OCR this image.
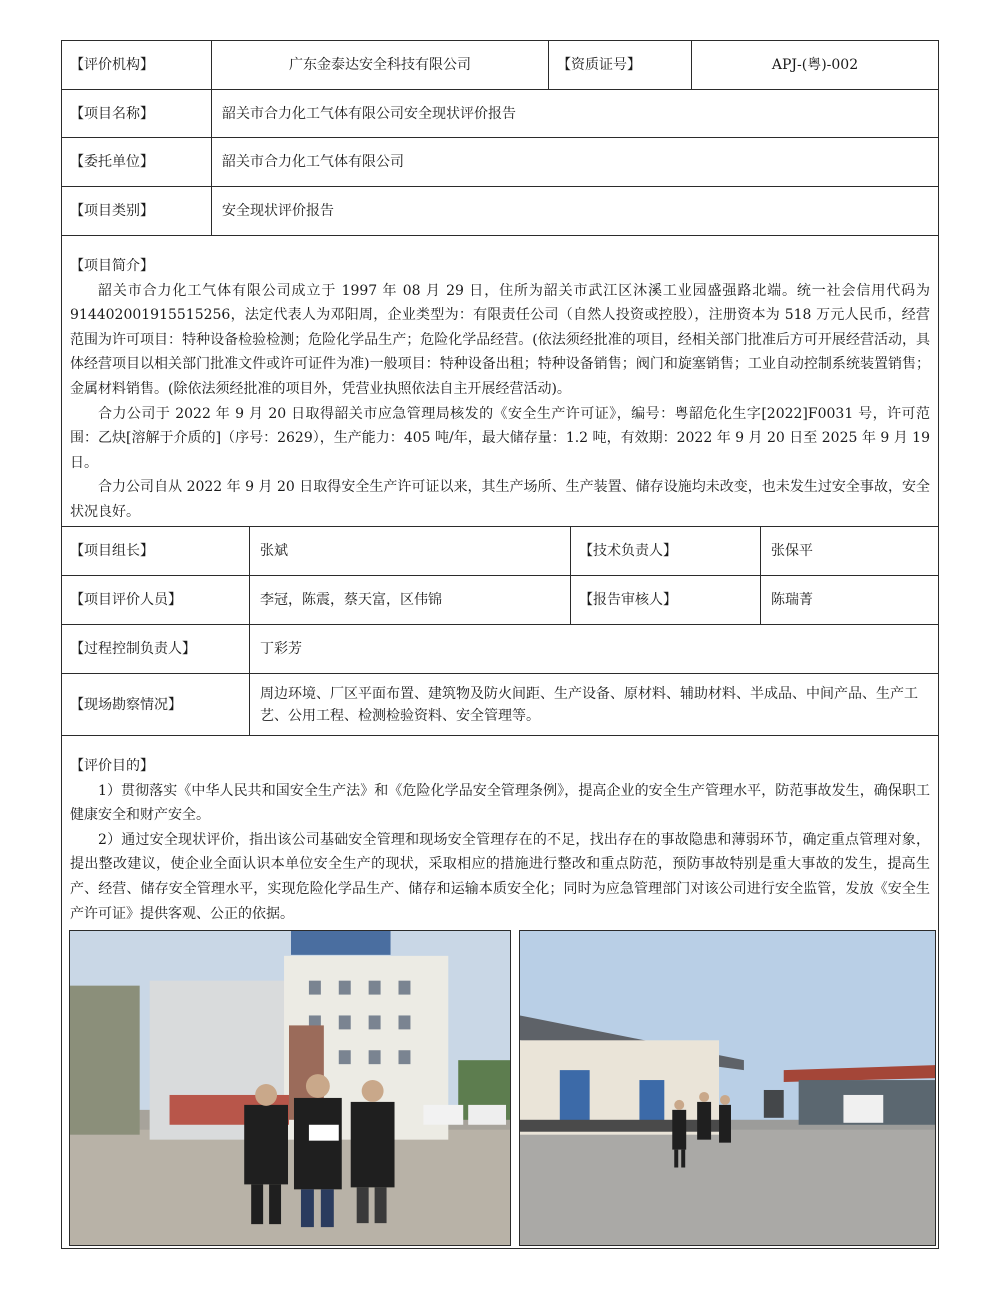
【评价机构】	广东金泰达安全科技有限公司	【资质证号】	APJ-(粤)-002
【项目名称】	韶关市合力化工气体有限公司安全现状评价报告
【委托单位】	韶关市合力化工气体有限公司
【项目类别】	安全现状评价报告

【项目简介】

韶关市合力化工气体有限公司成立于 1997 年 08 月 29 日，住所为韶关市武江区沐溪工业园盛强路北端。统一社会信用代码为 914402001915515256，法定代表人为邓阳周，企业类型为：有限责任公司（自然人投资或控股），注册资本为 518 万元人民币，经营范围为许可项目：特种设备检验检测；危险化学品生产；危险化学品经营。(依法须经批准的项目，经相关部门批准后方可开展经营活动，具体经营项目以相关部门批准文件或许可证件为准)一般项目：特种设备出租；特种设备销售；阀门和旋塞销售；工业自动控制系统装置销售；金属材料销售。(除依法须经批准的项目外，凭营业执照依法自主开展经营活动)。

合力公司于 2022 年 9 月 20 日取得韶关市应急管理局核发的《安全生产许可证》，编号：粤韶危化生字[2022]F0031 号，许可范围：乙炔[溶解于介质的]（序号：2629），生产能力：405 吨/年，最大储存量：1.2 吨，有效期：2022 年 9 月 20 日至 2025 年 9 月 19 日。

合力公司自从 2022 年 9 月 20 日取得安全生产许可证以来，其生产场所、生产装置、储存设施均未改变，也未发生过安全事故，安全状况良好。

【项目组长】	张斌	【技术负责人】	张保平
【项目评价人员】	李冠，陈震，蔡天富，区伟锦	【报告审核人】	陈瑞菁
【过程控制负责人】	丁彩芳
【现场勘察情况】
周边环境、厂区平面布置、建筑物及防火间距、生产设备、原材料、辅助材料、半成品、中间产品、生产工艺、公用工程、检测检验资料、安全管理等。

【评价目的】

1）贯彻落实《中华人民共和国安全生产法》和《危险化学品安全管理条例》，提高企业的安全生产管理水平，防范事故发生，确保职工健康安全和财产安全。

2）通过安全现状评价，指出该公司基础安全管理和现场安全管理存在的不足，找出存在的事故隐患和薄弱环节，确定重点管理对象，提出整改建议，使企业全面认识本单位安全生产的现状，采取相应的措施进行整改和重点防范，预防事故特别是重大事故的发生，提高生产、经营、储存安全管理水平，实现危险化学品生产、储存和运输本质安全化；同时为应急管理部门对该公司进行安全监管，发放《安全生产许可证》提供客观、公正的依据。
